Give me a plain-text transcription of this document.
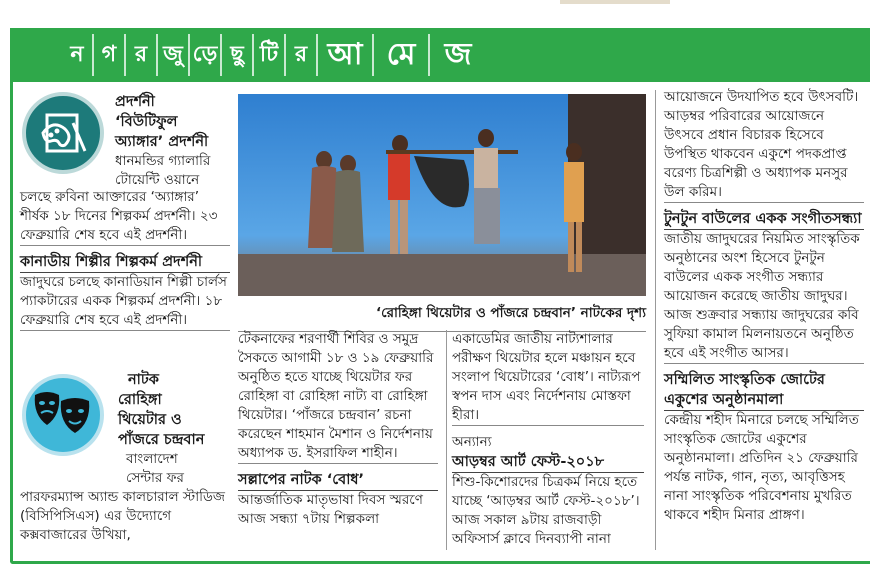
ন গ র জু ড়ে ছু টি র আ মে জ
প্রদর্শনী
‘বিউটিফুল
অ্যাঙ্গার’ প্রদর্শনী
ধানমন্ডির গ্যালারি
টোয়েন্টি ওয়ানে
চলছে রুবিনা আক্তারের ‘অ্যাঙ্গার’ শীর্ষক ১৮ দিনের শিল্পকর্ম প্রদর্শনী। ২৩ ফেব্রুয়ারি শেষ হবে এই প্রদর্শনী।
কানাডীয় শিল্পীর শিল্পকর্ম প্রদর্শনী
জাদুঘরে চলছে কানাডিয়ান শিল্পী চার্লস প্যাকটারের একক শিল্পকর্ম প্রদর্শনী। ১৮ ফেব্রুয়ারি শেষ হবে এই প্রদর্শনী।
নাটক
রোহিঙ্গা
থিয়েটার ও
পাঁজরে চন্দ্রবান
বাংলাদেশ
সেন্টার ফর
পারফরম্যান্স অ্যান্ড কালচারাল স্টাডিজ (বিসিপিসিএস) এর উদ্যোগে কক্সবাজারের উখিয়া,
‘রোহিঙ্গা থিয়েটার ও পাঁজরে চন্দ্রবান’ নাটকের দৃশ্য
টেকনাফের শরণার্থী শিবির ও সমুদ্র সৈকতে আগামী ১৮ ও ১৯ ফেব্রুয়ারি অনুষ্ঠিত হতে যাচ্ছে থিয়েটার ফর রোহিঙ্গা বা রোহিঙ্গা নাট্য বা রোহিঙ্গা থিয়েটার। ‘পাঁজরে চন্দ্রবান’ রচনা করেছেন শাহমান মৈশান ও নির্দেশনায় অধ্যাপক ড. ইসরাফিল শাহীন।
সল্লাপের নাটক ‘বোধ’
আন্তর্জাতিক মাতৃভাষা দিবস স্মরণে আজ সন্ধ্যা ৭টায় শিল্পকলা
একাডেমির জাতীয় নাট্যশালার পরীক্ষণ থিয়েটার হলে মঞ্চায়ন হবে সংলাপ থিয়েটারের ‘বোধ’। নাট্যরূপ স্বপন দাস এবং নির্দেশনায় মোস্তফা হীরা।
অন্যান্য
আড়ম্বর আর্ট ফেস্ট-২০১৮
শিশু-কিশোরদের চিত্রকর্ম নিয়ে হতে যাচ্ছে ‘আড়ম্বর আর্ট ফেস্ট-২০১৮’। আজ সকাল ৯টায় রাজবাড়ী অফিসার্স ক্লাবে দিনব্যাপী নানা
আয়োজনে উদযাপিত হবে উৎসবটি। আড়ম্বর পরিবারের আয়োজনে উৎসবে প্রধান বিচারক হিসেবে উপস্থিত থাকবেন একুশে পদকপ্রাপ্ত বরেণ্য চিত্রশিল্পী ও অধ্যাপক মনসুর উল করিম।
টুনটুন বাউলের একক সংগীতসন্ধ্যা
জাতীয় জাদুঘরের নিয়মিত সাংস্কৃতিক অনুষ্ঠানের অংশ হিসেবে টুনটুন বাউলের একক সংগীত সন্ধ্যার আয়োজন করেছে জাতীয় জাদুঘর। আজ শুক্রবার সন্ধ্যায় জাদুঘরের কবি সুফিয়া কামাল মিলনায়তনে অনুষ্ঠিত হবে এই সংগীত আসর।
সম্মিলিত সাংস্কৃতিক জোটের একুশের অনুষ্ঠানমালা
কেন্দ্রীয় শহীদ মিনারে চলছে সম্মিলিত সাংস্কৃতিক জোটের একুশের অনুষ্ঠানমালা। প্রতিদিন ২১ ফেব্রুয়ারি পর্যন্ত নাটক, গান, নৃত্য, আবৃত্তিসহ নানা সাংস্কৃতিক পরিবেশনায় মুখরিত থাকবে শহীদ মিনার প্রাঙ্গণ।
